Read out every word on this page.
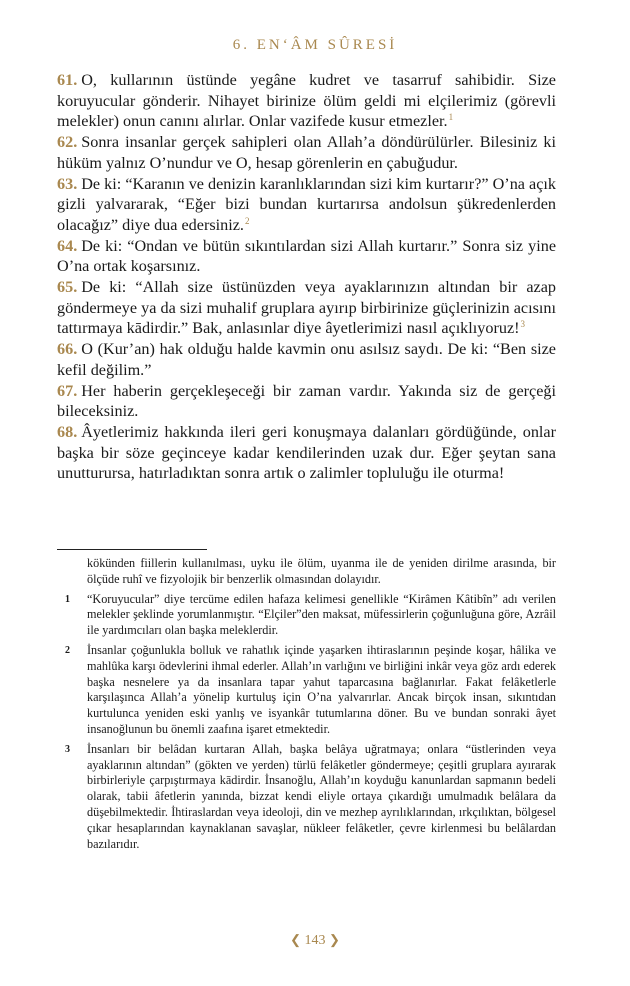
6. EN‘ÂM SÛRESİ

61. O, kullarının üstünde yegâne kudret ve tasarruf sahibidir. Size koruyucular gönderir. Nihayet birinize ölüm geldi mi elçilerimiz (görevli melekler) onun canını alırlar. Onlar vazifede kusur etmezler.$^1$

62. Sonra insanlar gerçek sahipleri olan Allah’a döndürülürler. Bilesiniz ki hüküm yalnız O’nundur ve O, hesap görenlerin en çabuğudur.

63. De ki: “Karanın ve denizin karanlıklarından sizi kim kurtarır?” O’na açık gizli yalvararak, “Eğer bizi bundan kurtarırsa andolsun şükredenlerden olacağız” diye dua edersiniz.$^2$

64. De ki: “Ondan ve bütün sıkıntılardan sizi Allah kurtarır.” Sonra siz yine O’na ortak koşarsınız.

65. De ki: “Allah size üstünüzden veya ayaklarınızın altından bir azap göndermeye ya da sizi muhalif gruplara ayırıp birbirinize güçlerinizin acısını tattırmaya kādirdir.” Bak, anlasınlar diye âyetlerimizi nasıl açıklıyoruz!$^3$

66. O (Kur’an) hak olduğu halde kavmin onu asılsız saydı. De ki: “Ben size kefil değilim.”

67. Her haberin gerçekleşeceği bir zaman vardır. Yakında siz de gerçeği bileceksiniz.

68. Âyetlerimiz hakkında ileri geri konuşmaya dalanları gördüğünde, onlar başka bir söze geçinceye kadar kendilerinden uzak dur. Eğer şeytan sana unutturursa, hatırladıktan sonra artık o zalimler topluluğu ile oturma!

kökünden fiillerin kullanılması, uyku ile ölüm, uyanma ile de yeniden dirilme arasında, bir ölçüde ruhî ve fizyolojik bir benzerlik olmasından dolayıdır.

1 “Koruyucular” diye tercüme edilen hafaza kelimesi genellikle “Kirâmen Kâtibîn” adı verilen melekler şeklinde yorumlanmıştır. “Elçiler”den maksat, müfessirlerin çoğunluğuna göre, Azrâil ile yardımcıları olan başka meleklerdir.

2 İnsanlar çoğunlukla bolluk ve rahatlık içinde yaşarken ihtiraslarının peşinde koşar, hâlika ve mahlûka karşı ödevlerini ihmal ederler. Allah’ın varlığını ve birliğini inkâr veya göz ardı ederek başka nesnelere ya da insanlara tapar yahut taparcasına bağlanırlar. Fakat felâketlerle karşılaşınca Allah’a yönelip kurtuluş için O’na yalvarırlar. Ancak birçok insan, sıkıntıdan kurtulunca yeniden eski yanlış ve isyankâr tutumlarına döner. Bu ve bundan sonraki âyet insanoğlunun bu önemli zaafına işaret etmektedir.

3 İnsanları bir belâdan kurtaran Allah, başka belâya uğratmaya; onlara “üstlerinden veya ayaklarının altından” (gökten ve yerden) türlü felâketler göndermeye; çeşitli gruplara ayırarak birbirleriyle çarpıştırmaya kādirdir. İnsanoğlu, Allah’ın koyduğu kanunlardan sapmanın bedeli olarak, tabii âfetlerin yanında, bizzat kendi eliyle ortaya çıkardığı umulmadık belâlara da düşebilmektedir. İhtiraslardan veya ideoloji, din ve mezhep ayrılıklarından, ırkçılıktan, bölgesel çıkar hesaplarından kaynaklanan savaşlar, nükleer felâketler, çevre kirlenmesi bu belâlardan bazılarıdır.

❮ 143 ❯
